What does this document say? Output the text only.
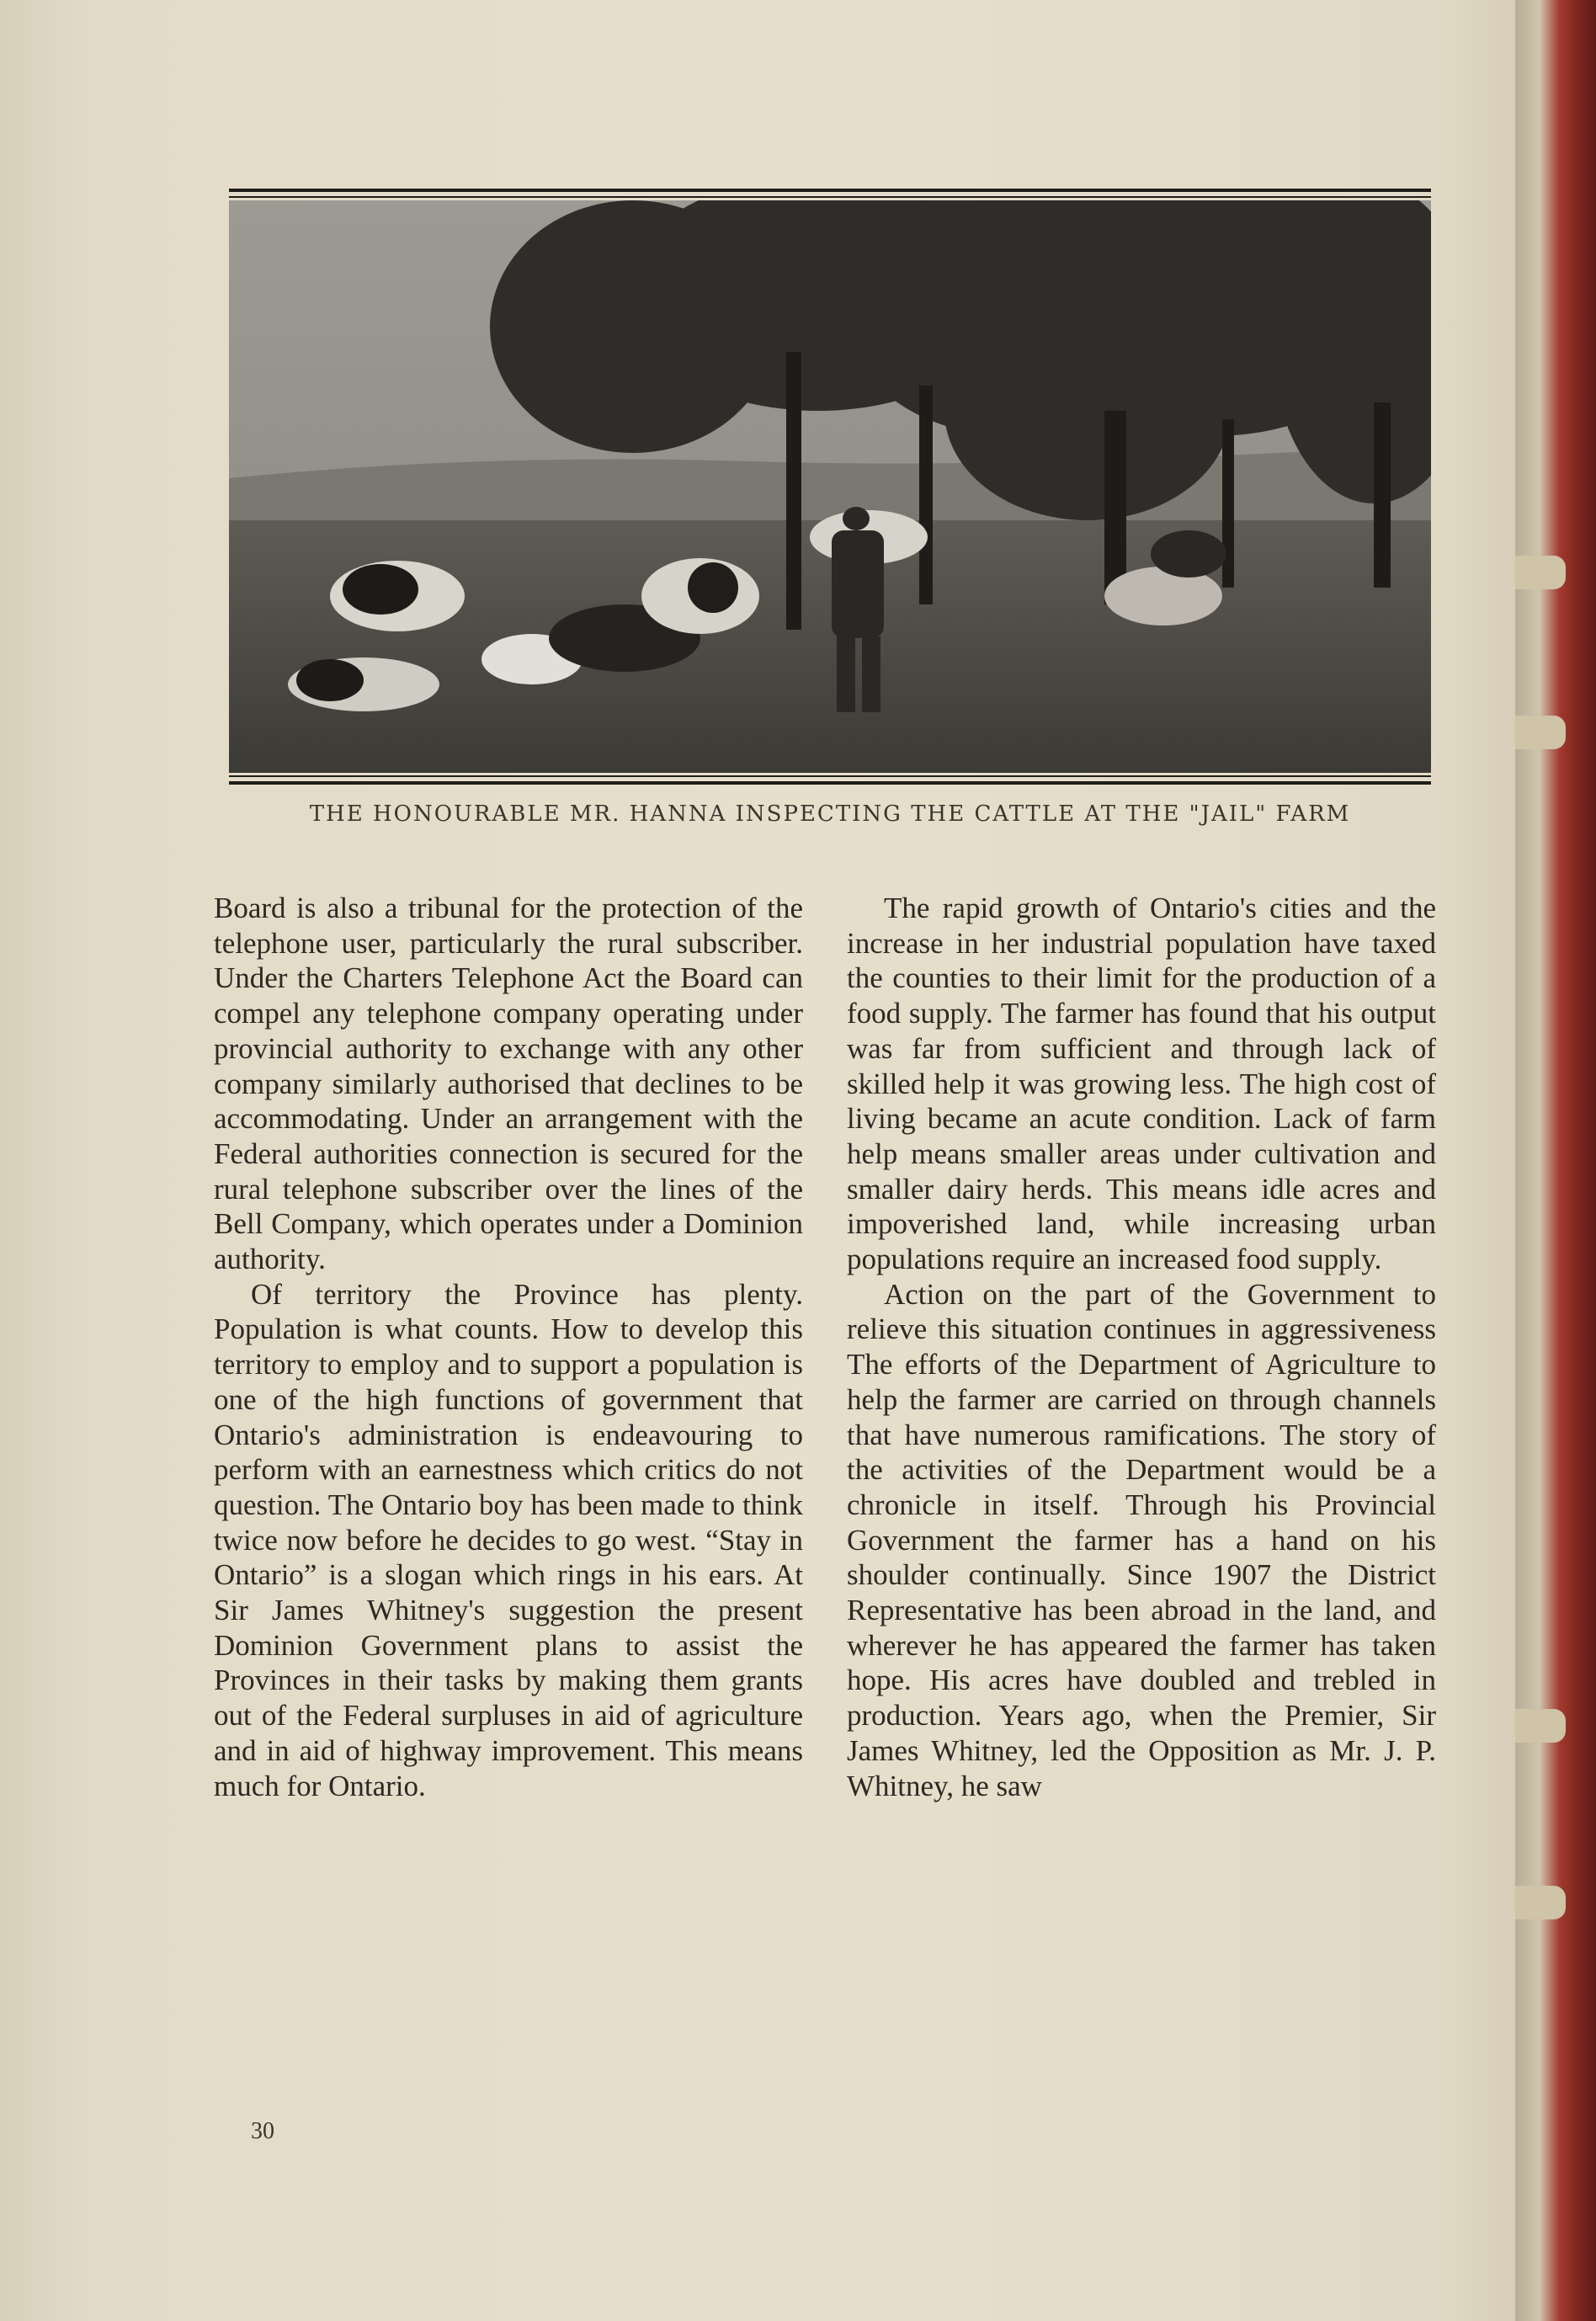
THE HONOURABLE MR. HANNA INSPECTING THE CATTLE AT THE "JAIL" FARM

Board is also a tribunal for the protection of the telephone user, particularly the rural subscriber. Under the Charters Telephone Act the Board can compel any telephone company operating under provincial authority to exchange with any other company similarly authorised that declines to be accommodating. Under an arrangement with the Federal authorities connection is secured for the rural telephone subscriber over the lines of the Bell Company, which operates under a Dominion authority.

Of territory the Province has plenty. Population is what counts. How to develop this territory to employ and to support a population is one of the high functions of government that Ontario's administration is endeavouring to perform with an earnestness which critics do not question. The Ontario boy has been made to think twice now before he decides to go west. “Stay in Ontario” is a slogan which rings in his ears. At Sir James Whitney's suggestion the present Dominion Government plans to assist the Provinces in their tasks by making them grants out of the Federal surpluses in aid of agriculture and in aid of highway improvement. This means much for Ontario.

The rapid growth of Ontario's cities and the increase in her industrial population have taxed the counties to their limit for the production of a food supply. The farmer has found that his output was far from sufficient and through lack of skilled help it was growing less. The high cost of living became an acute condition. Lack of farm help means smaller areas under cultivation and smaller dairy herds. This means idle acres and impoverished land, while increasing urban populations require an increased food supply.

Action on the part of the Government to relieve this situation continues in aggressiveness The efforts of the Department of Agriculture to help the farmer are carried on through channels that have numerous ramifications. The story of the activities of the Department would be a chronicle in itself. Through his Provincial Government the farmer has a hand on his shoulder continually. Since 1907 the District Representative has been abroad in the land, and wherever he has appeared the farmer has taken hope. His acres have doubled and trebled in production. Years ago, when the Premier, Sir James Whitney, led the Opposition as Mr. J. P. Whitney, he saw

30
